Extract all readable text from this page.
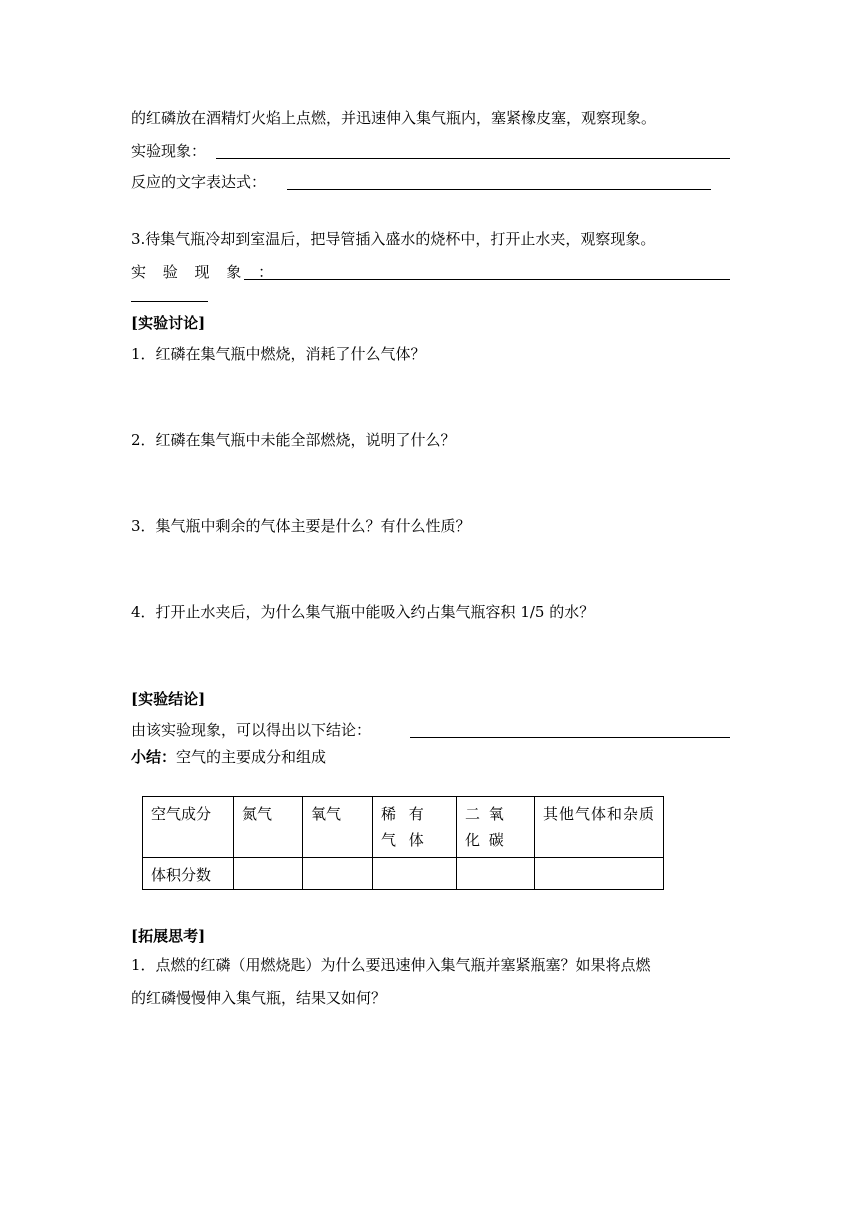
的红磷放在酒精灯火焰上点燃，并迅速伸入集气瓶内，塞紧橡皮塞，观察现象。
实验现象：
反应的文字表达式：
3.待集气瓶冷却到室温后，把导管插入盛水的烧杯中，打开止水夹，观察现象。
实 验 现 象 ：
[实验讨论]
1．红磷在集气瓶中燃烧，消耗了什么气体？
2．红磷在集气瓶中未能全部燃烧，说明了什么？
3．集气瓶中剩余的气体主要是什么？有什么性质？
4．打开止水夹后，为什么集气瓶中能吸入约占集气瓶容积 1/5 的水？
[实验结论]
由该实验现象，可以得出以下结论：
小结：空气的主要成分和组成
空气成分	氮气	氧气	稀 有 气 体	二 氧 化 碳	其他气体和杂质
体积分数					
[拓展思考]
1．点燃的红磷（用燃烧匙）为什么要迅速伸入集气瓶并塞紧瓶塞？如果将点燃
的红磷慢慢伸入集气瓶，结果又如何？
